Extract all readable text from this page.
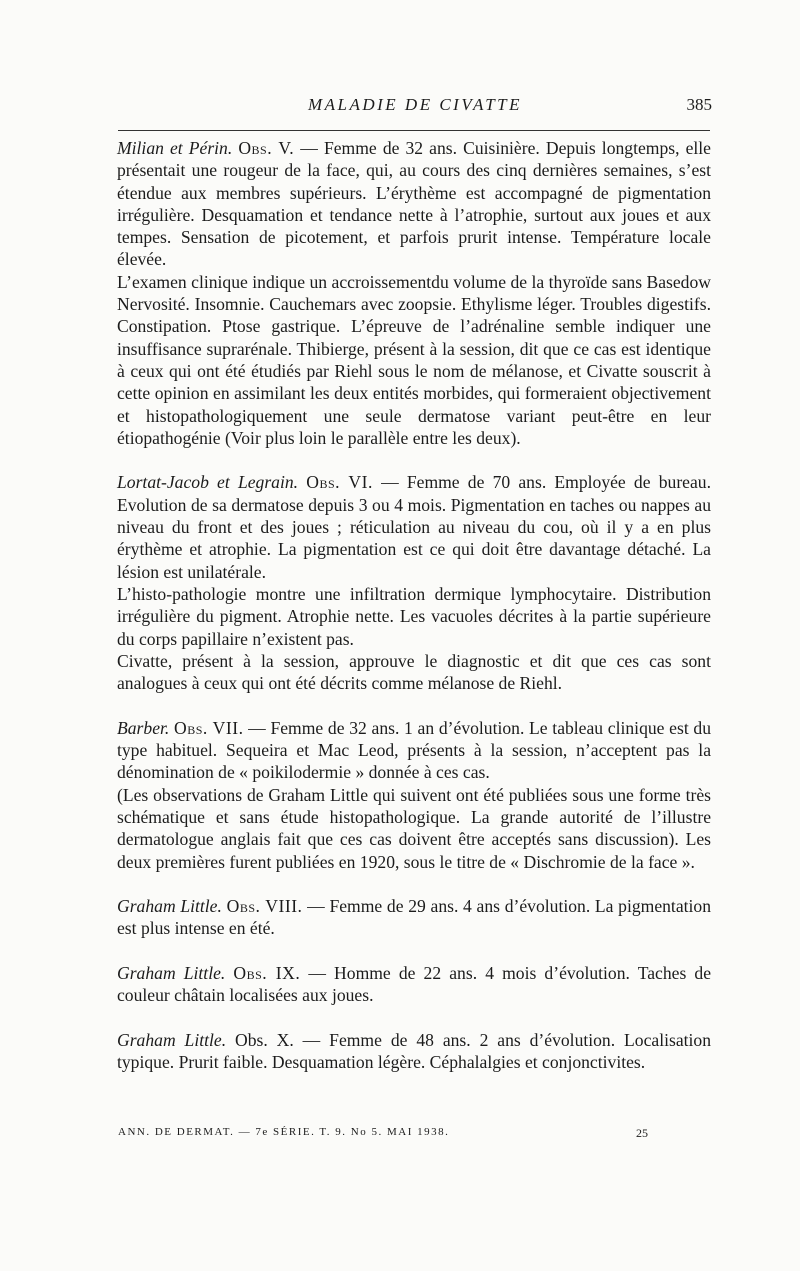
MALADIE DE CIVATTE	385

Milian et Périn. Obs. V. — Femme de 32 ans. Cuisinière. Depuis longtemps, elle présentait une rougeur de la face, qui, au cours des cinq dernières semaines, s’est étendue aux membres supérieurs. L’érythème est accompagné de pigmentation irrégulière. Desquamation et tendance nette à l’atrophie, surtout aux joues et aux tempes. Sensation de picotement, et parfois prurit intense. Température locale élevée.

L’examen clinique indique un accroissementdu volume de la thyroïde sans Basedow Nervosité. Insomnie. Cauchemars avec zoopsie. Ethylisme léger. Troubles digestifs. Constipation. Ptose gastrique. L’épreuve de l’adrénaline semble indiquer une insuffisance suprarénale. Thibierge, présent à la session, dit que ce cas est identique à ceux qui ont été étudiés par Riehl sous le nom de mélanose, et Civatte souscrit à cette opinion en assimilant les deux entités morbides, qui formeraient objectivement et histopathologiquement une seule dermatose variant peut-être en leur étiopathogénie (Voir plus loin le parallèle entre les deux).

Lortat-Jacob et Legrain. Obs. VI. — Femme de 70 ans. Employée de bureau. Evolution de sa dermatose depuis 3 ou 4 mois. Pigmentation en taches ou nappes au niveau du front et des joues ; réticulation au niveau du cou, où il y a en plus érythème et atrophie. La pigmentation est ce qui doit être davantage détaché. La lésion est unilatérale.

L’histo-pathologie montre une infiltration dermique lymphocytaire. Distribution irrégulière du pigment. Atrophie nette. Les vacuoles décrites à la partie supérieure du corps papillaire n’existent pas.

Civatte, présent à la session, approuve le diagnostic et dit que ces cas sont analogues à ceux qui ont été décrits comme mélanose de Riehl.

Barber. Obs. VII. — Femme de 32 ans. 1 an d’évolution. Le tableau clinique est du type habituel. Sequeira et Mac Leod, présents à la session, n’acceptent pas la dénomination de « poikilodermie » donnée à ces cas.

(Les observations de Graham Little qui suivent ont été publiées sous une forme très schématique et sans étude histopathologique. La grande autorité de l’illustre dermatologue anglais fait que ces cas doivent être acceptés sans discussion). Les deux premières furent publiées en 1920, sous le titre de « Dischromie de la face ».

Graham Little. Obs. VIII. — Femme de 29 ans. 4 ans d’évolution. La pigmentation est plus intense en été.

Graham Little. Obs. IX. — Homme de 22 ans. 4 mois d’évolution. Taches de couleur châtain localisées aux joues.

Graham Little. Obs. X. — Femme de 48 ans. 2 ans d’évolution. Localisation typique. Prurit faible. Desquamation légère. Céphalalgies et conjonctivites.

ANN. DE DERMAT. — 7e SÉRIE. T. 9. No 5. MAI 1938.	25
